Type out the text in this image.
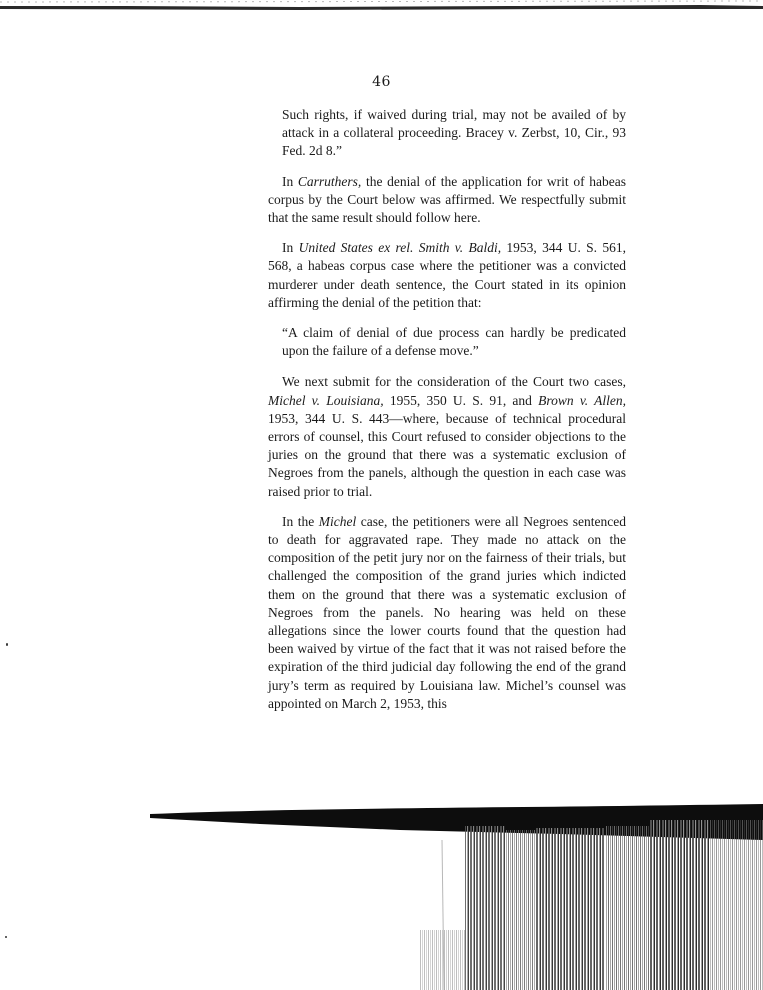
46

Such rights, if waived during trial, may not be availed of by attack in a collateral proceeding. Bracey v. Zerbst, 10, Cir., 93 Fed. 2d 8.”

In Carruthers, the denial of the application for writ of habeas corpus by the Court below was affirmed. We respectfully submit that the same result should follow here.

In United States ex rel. Smith v. Baldi, 1953, 344 U. S. 561, 568, a habeas corpus case where the petitioner was a convicted murderer under death sentence, the Court stated in its opinion affirming the denial of the petition that:

“A claim of denial of due process can hardly be predicated upon the failure of a defense move.”

We next submit for the consideration of the Court two cases, Michel v. Louisiana, 1955, 350 U. S. 91, and Brown v. Allen, 1953, 344 U. S. 443—where, because of technical procedural errors of counsel, this Court refused to consider objections to the juries on the ground that there was a systematic exclusion of Negroes from the panels, although the question in each case was raised prior to trial.

In the Michel case, the petitioners were all Negroes sentenced to death for aggravated rape. They made no attack on the composition of the petit jury nor on the fairness of their trials, but challenged the composition of the grand juries which indicted them on the ground that there was a systematic exclusion of Negroes from the panels. No hearing was held on these allegations since the lower courts found that the question had been waived by virtue of the fact that it was not raised before the expiration of the third judicial day following the end of the grand jury’s term as required by Louisiana law. Michel’s counsel was appointed on March 2, 1953, this
